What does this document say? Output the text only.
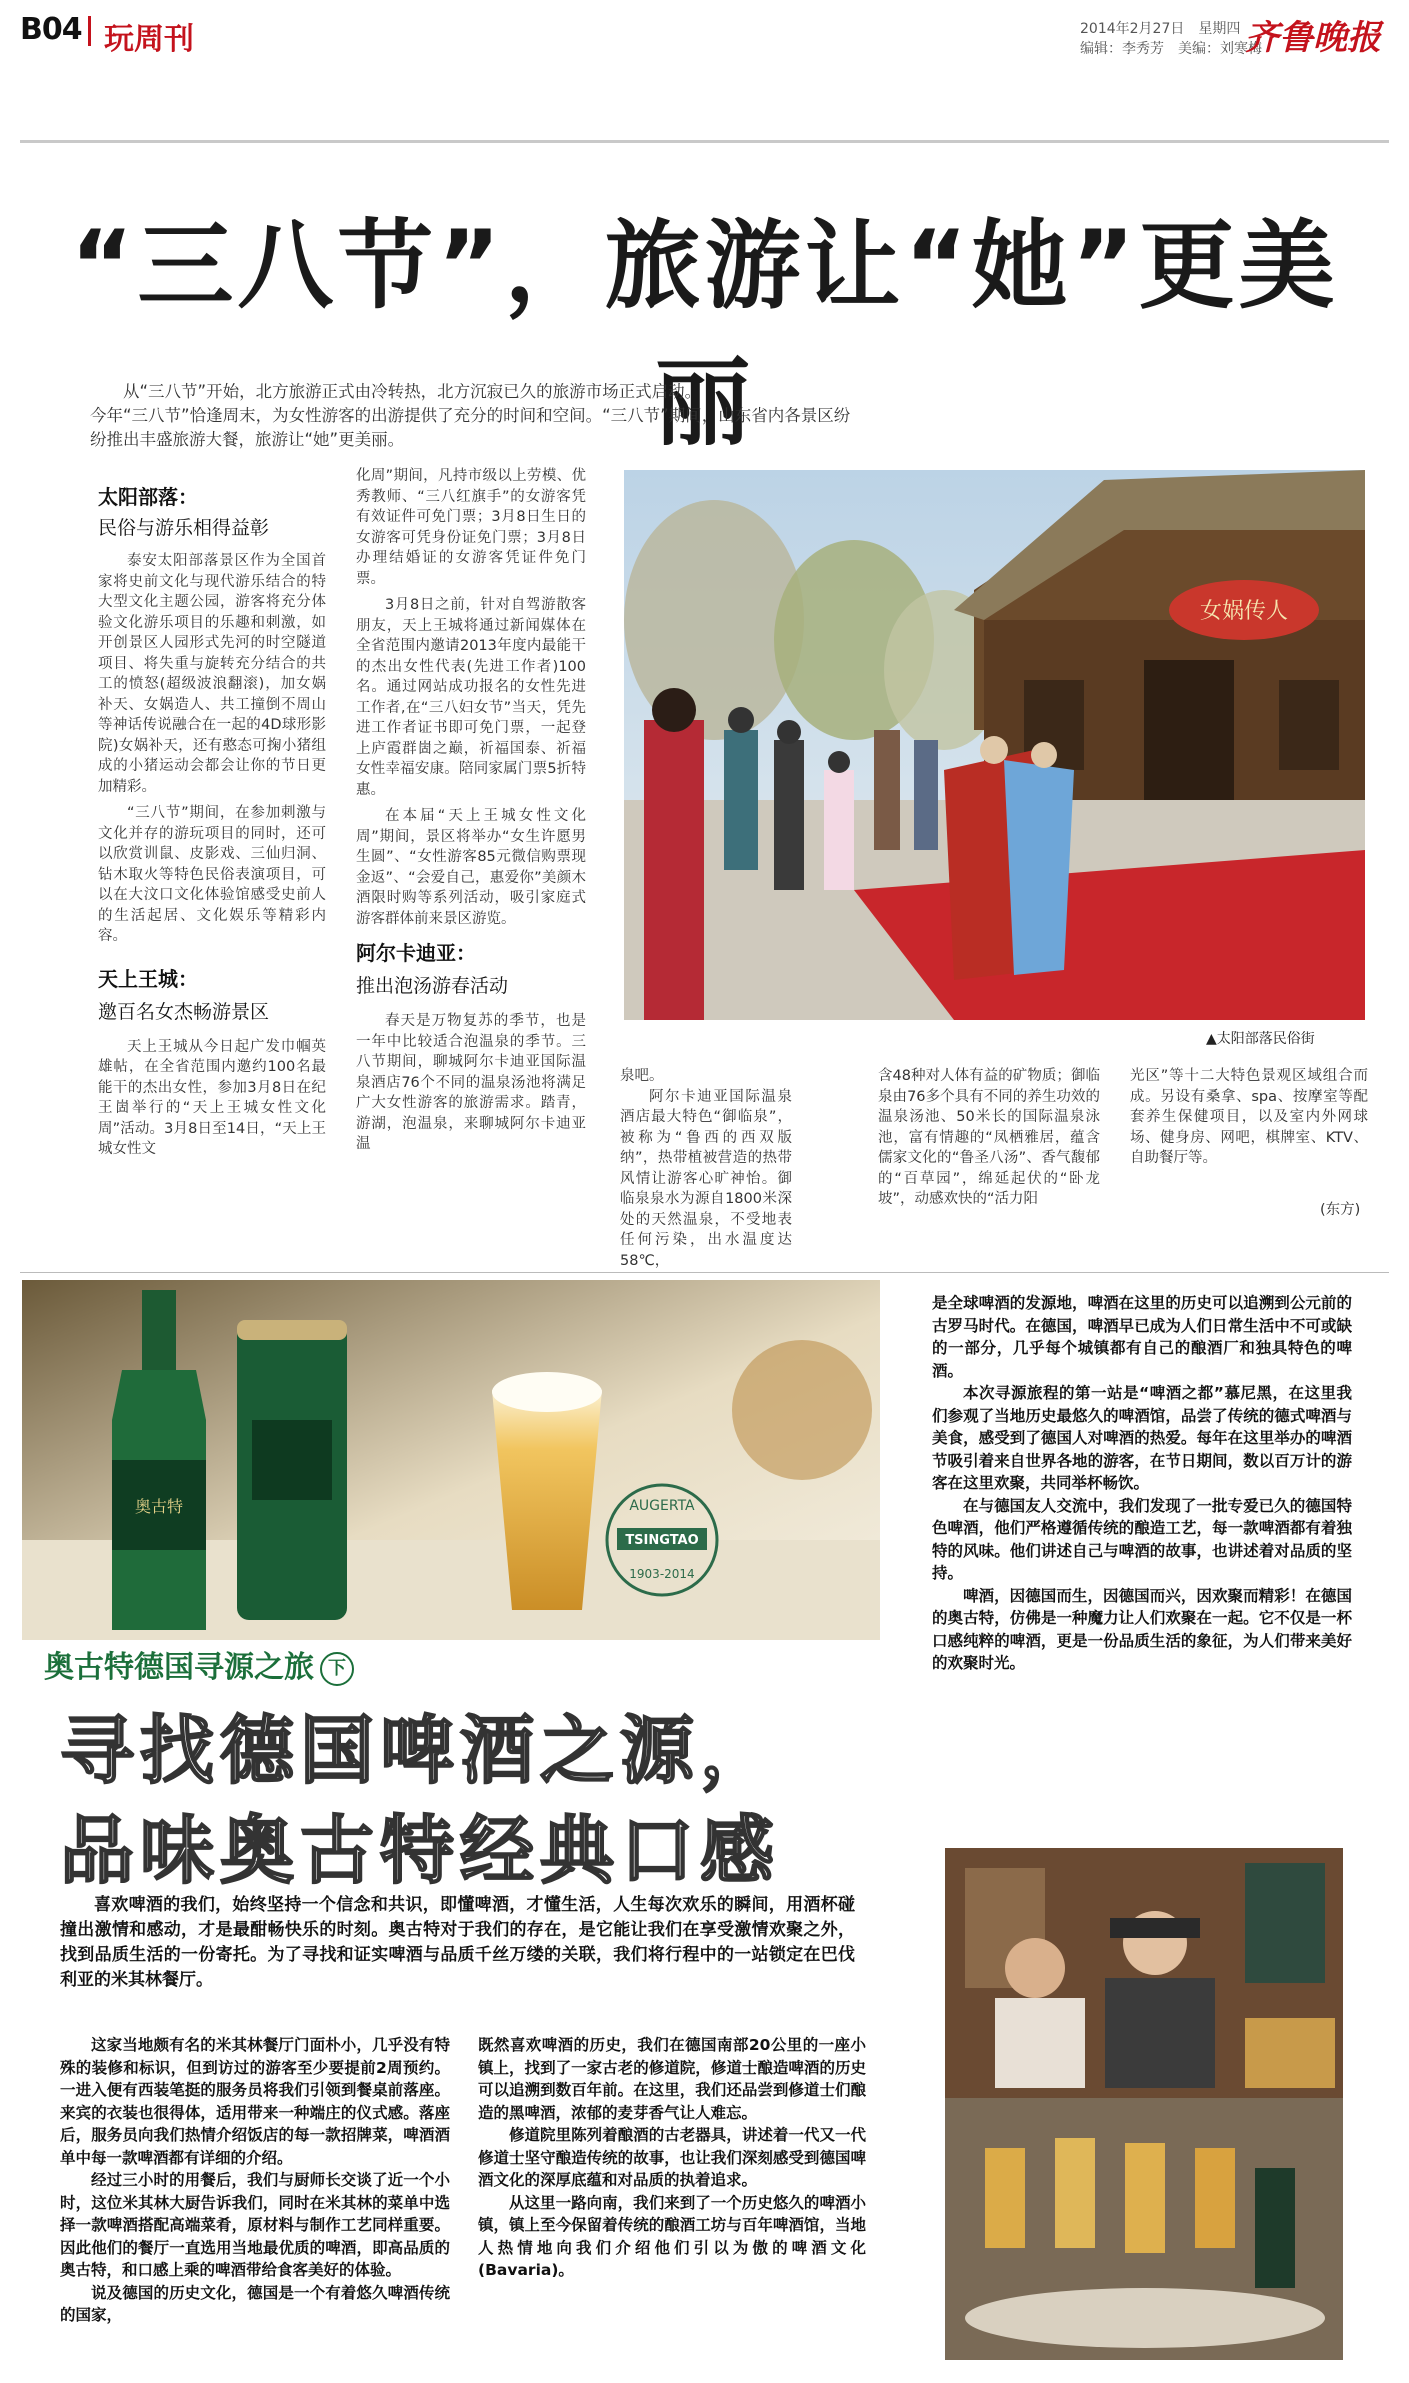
B04 玩周刊	2014年2月27日　星期四
编辑：李秀芳　美编：刘寒梅
齐鲁晚报
“三八节”，旅游让“她”更美丽
从“三八节”开始，北方旅游正式由冷转热，北方沉寂已久的旅游市场正式启动。
今年“三八节”恰逢周末，为女性游客的出游提供了充分的时间和空间。“三八节”期间，山东省内各景区纷纷推出丰盛旅游大餐，旅游让“她”更美丽。
太阳部落：
民俗与游乐相得益彰

泰安太阳部落景区作为全国首家将史前文化与现代游乐结合的特大型文化主题公园，游客将充分体验文化游乐项目的乐趣和刺激，如开创景区人园形式先河的时空隧道项目、将失重与旋转充分结合的共工的愤怒(超级波浪翻滚)，加女娲补天、女娲造人、共工撞倒不周山等神话传说融合在一起的4D球形影院)女娲补天，还有憨态可掬小猪组成的小猪运动会都会让你的节日更加精彩。

“三八节”期间，在参加刺激与文化并存的游玩项目的同时，还可以欣赏训鼠、皮影戏、三仙归洞、钻木取火等特色民俗表演项目，可以在大汶口文化体验馆感受史前人的生活起居、文化娱乐等精彩内容。

天上王城：
邀百名女杰畅游景区

天上王城从今日起广发巾帼英雄帖，在全省范围内邀约100名最能干的杰出女性，参加3月8日在纪王崮举行的“天上王城女性文化周”活动。3月8日至14日，“天上王城女性文

化周”期间，凡持市级以上劳模、优秀教师、“三八红旗手”的女游客凭有效证件可免门票；3月8日生日的女游客可凭身份证免门票；3月8日办理结婚证的女游客凭证件免门票。

3月8日之前，针对自驾游散客朋友，天上王城将通过新闻媒体在全省范围内邀请2013年度内最能干的杰出女性代表(先进工作者)100名。通过网站成功报名的女性先进工作者,在“三八妇女节”当天，凭先进工作者证书即可免门票，一起登上庐霞群崮之巅，祈福国泰、祈福女性幸福安康。陪同家属门票5折特惠。

在本届“天上王城女性文化周”期间，景区将举办“女生许愿男生圆”、“女性游客85元微信购票现金返”、“会爱自己，惠爱你”美颜木酒限时购等系列活动，吸引家庭式游客群体前来景区游览。

阿尔卡迪亚：
推出泡汤游春活动

春天是万物复苏的季节，也是一年中比较适合泡温泉的季节。三八节期间，聊城阿尔卡迪亚国际温泉酒店76个不同的温泉汤池将满足广大女性游客的旅游需求。踏青，游湖，泡温泉，来聊城阿尔卡迪亚温

女娲传人
▲太阳部落民俗街

泉吧。

阿尔卡迪亚国际温泉酒店最大特色“御临泉”，被称为“鲁西的西双版纳”，热带植被营造的热带风情让游客心旷神怡。御临泉泉水为源自1800米深处的天然温泉，不受地表任何污染，出水温度达58℃，

含48种对人体有益的矿物质；御临泉由76多个具有不同的养生功效的温泉汤池、50米长的国际温泉泳池，富有情趣的“凤栖雅居，蕴含儒家文化的“鲁圣八汤”、香气馥郁的“百草园”，绵延起伏的“卧龙坡”，动感欢快的“活力阳

光区”等十二大特色景观区域组合而成。另设有桑拿、spa、按摩室等配套养生保健项目，以及室内外网球场、健身房、网吧，棋牌室、KTV、自助餐厅等。

(东方)
奥古特	AUGERTA
TSINGTAO
1903-2014
奥古特德国寻源之旅 下
寻找德国啤酒之源，
品味奥古特经典口感
喜欢啤酒的我们，始终坚持一个信念和共识，即懂啤酒，才懂生活，人生每次欢乐的瞬间，用酒杯碰撞出激情和感动，才是最酣畅快乐的时刻。奥古特对于我们的存在，是它能让我们在享受激情欢聚之外，找到品质生活的一份寄托。为了寻找和证实啤酒与品质千丝万缕的关联，我们将行程中的一站锁定在巴伐利亚的米其林餐厅。

这家当地颇有名的米其林餐厅门面朴小，几乎没有特殊的装修和标识，但到访过的游客至少要提前2周预约。一进入便有西装笔挺的服务员将我们引领到餐桌前落座。来宾的衣装也很得体，适用带来一种端庄的仪式感。落座后，服务员向我们热情介绍饭店的每一款招牌菜，啤酒酒单中每一款啤酒都有详细的介绍。

经过三小时的用餐后，我们与厨师长交谈了近一个小时，这位米其林大厨告诉我们，同时在米其林的菜单中选择一款啤酒搭配高端菜肴，原材料与制作工艺同样重要。因此他们的餐厅一直选用当地最优质的啤酒，即高品质的奥古特，和口感上乘的啤酒带给食客美好的体验。

说及德国的历史文化，德国是一个有着悠久啤酒传统的国家，

既然喜欢啤酒的历史，我们在德国南部20公里的一座小镇上，找到了一家古老的修道院，修道士酿造啤酒的历史可以追溯到数百年前。在这里，我们还品尝到修道士们酿造的黑啤酒，浓郁的麦芽香气让人难忘。

修道院里陈列着酿酒的古老器具，讲述着一代又一代修道士坚守酿造传统的故事，也让我们深刻感受到德国啤酒文化的深厚底蕴和对品质的执着追求。

从这里一路向南，我们来到了一个历史悠久的啤酒小镇，镇上至今保留着传统的酿酒工坊与百年啤酒馆，当地人热情地向我们介绍他们引以为傲的啤酒文化(Bavaria)。

是全球啤酒的发源地，啤酒在这里的历史可以追溯到公元前的古罗马时代。在德国，啤酒早已成为人们日常生活中不可或缺的一部分，几乎每个城镇都有自己的酿酒厂和独具特色的啤酒。

本次寻源旅程的第一站是“啤酒之都”慕尼黑，在这里我们参观了当地历史最悠久的啤酒馆，品尝了传统的德式啤酒与美食，感受到了德国人对啤酒的热爱。每年在这里举办的啤酒节吸引着来自世界各地的游客，在节日期间，数以百万计的游客在这里欢聚，共同举杯畅饮。

在与德国友人交流中，我们发现了一批专爱已久的德国特色啤酒，他们严格遵循传统的酿造工艺，每一款啤酒都有着独特的风味。他们讲述自己与啤酒的故事，也讲述着对品质的坚持。

啤酒，因德国而生，因德国而兴，因欢聚而精彩！在德国的奥古特，仿佛是一种魔力让人们欢聚在一起。它不仅是一杯口感纯粹的啤酒，更是一份品质生活的象征，为人们带来美好的欢聚时光。
